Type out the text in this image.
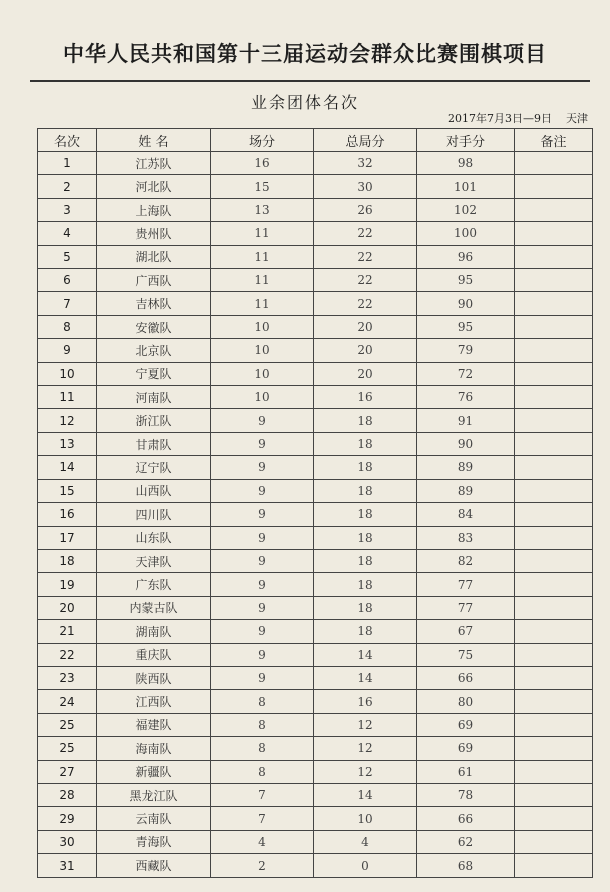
中华人民共和国第十三届运动会群众比赛围棋项目
业余团体名次
2017年7月3日—9日 天津
名次	姓 名	场分	总局分	对手分	备注
1	江苏队	16	32	98	
2	河北队	15	30	101	
3	上海队	13	26	102	
4	贵州队	11	22	100	
5	湖北队	11	22	96	
6	广西队	11	22	95	
7	吉林队	11	22	90	
8	安徽队	10	20	95	
9	北京队	10	20	79	
10	宁夏队	10	20	72	
11	河南队	10	16	76	
12	浙江队	9	18	91	
13	甘肃队	9	18	90	
14	辽宁队	9	18	89	
15	山西队	9	18	89	
16	四川队	9	18	84	
17	山东队	9	18	83	
18	天津队	9	18	82	
19	广东队	9	18	77	
20	内蒙古队	9	18	77	
21	湖南队	9	18	67	
22	重庆队	9	14	75	
23	陕西队	9	14	66	
24	江西队	8	16	80	
25	福建队	8	12	69	
25	海南队	8	12	69	
27	新疆队	8	12	61	
28	黑龙江队	7	14	78	
29	云南队	7	10	66	
30	青海队	4	4	62	
31	西藏队	2	0	68	
